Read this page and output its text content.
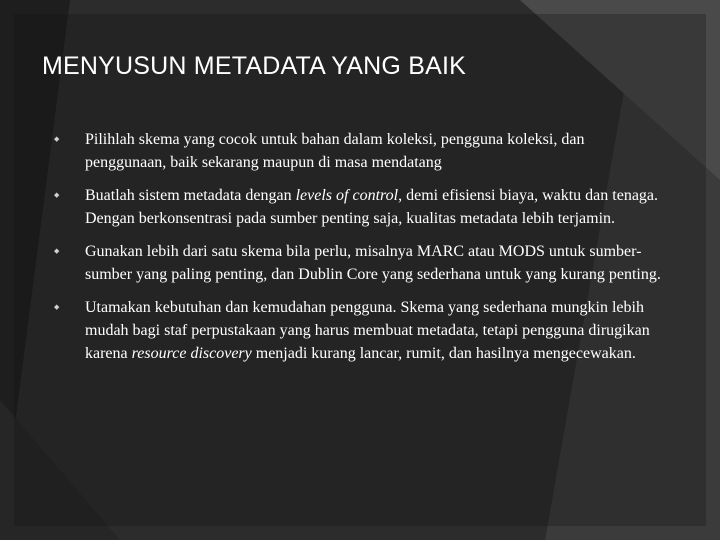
MENYUSUN METADATA YANG BAIK
◆ Pilihlah skema yang cocok untuk bahan dalam koleksi, pengguna koleksi, dan penggunaan, baik sekarang maupun di masa mendatang
◆ Buatlah sistem metadata dengan levels of control, demi efisiensi biaya, waktu dan tenaga. Dengan berkonsentrasi pada sumber penting saja, kualitas metadata lebih terjamin.
◆ Gunakan lebih dari satu skema bila perlu, misalnya MARC atau MODS untuk sumber-sumber yang paling penting, dan Dublin Core yang sederhana untuk yang kurang penting.
◆ Utamakan kebutuhan dan kemudahan pengguna. Skema yang sederhana mungkin lebih mudah bagi staf perpustakaan yang harus membuat metadata, tetapi pengguna dirugikan karena resource discovery menjadi kurang lancar, rumit, dan hasilnya mengecewakan.
